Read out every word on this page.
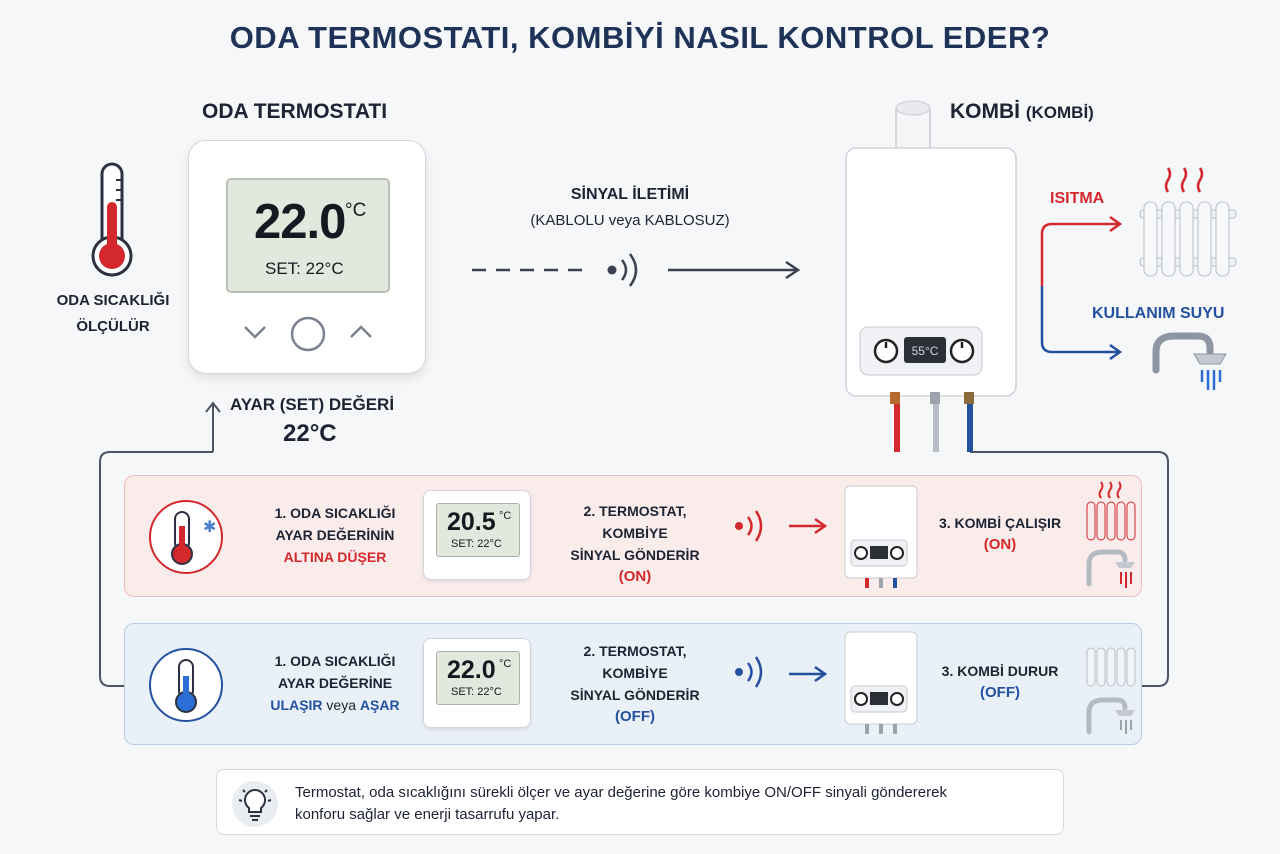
ODA TERMOSTATI, KOMBİYİ NASIL KONTROL EDER?
ODA SICAKLIĞI
ÖLÇÜLÜR
ODA TERMOSTATI
22.0 °C
SET: 22°C
AYAR (SET) DEĞERİ
22°C
SİNYAL İLETİMİ
(KABLOLU veya KABLOSUZ)
KOMBİ (KOMBİ)
55°C
ISITMA
KULLANIM SUYU
✱
1. ODA SICAKLIĞI
AYAR DEĞERİNİN
ALTINA DÜŞER
20.5 °C
SET: 22°C
2. TERMOSTAT,
KOMBİYE
SİNYAL GÖNDERİR
(ON)
3. KOMBİ ÇALIŞIR
(ON)
1. ODA SICAKLIĞI
AYAR DEĞERİNE
ULAŞIR veya AŞAR
22.0 °C
SET: 22°C
2. TERMOSTAT,
KOMBİYE
SİNYAL GÖNDERİR
(OFF)
3. KOMBİ DURUR
(OFF)
Termostat, oda sıcaklığını sürekli ölçer ve ayar değerine göre kombiye ON/OFF sinyali göndererek
konforu sağlar ve enerji tasarrufu yapar.
